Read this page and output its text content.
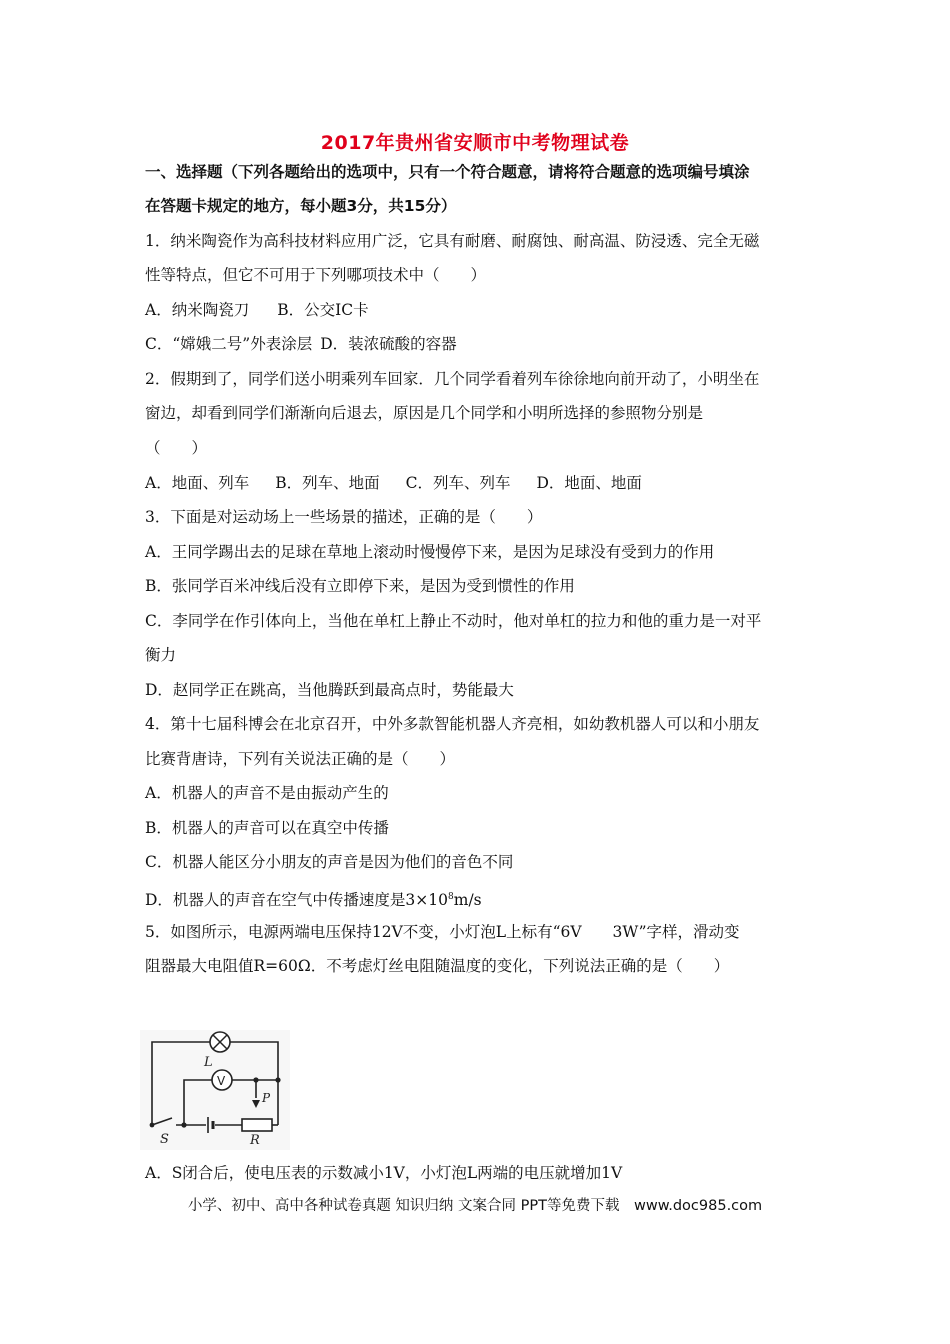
2017年贵州省安顺市中考物理试卷
一、选择题（下列各题给出的选项中，只有一个符合题意，请将符合题意的选项编号填涂
在答题卡规定的地方，每小题3分，共15分）
1．纳米陶瓷作为高科技材料应用广泛，它具有耐磨、耐腐蚀、耐高温、防浸透、完全无磁
性等特点，但它不可用于下列哪项技术中（　　）
A．纳米陶瓷刀 B．公交IC卡
C．“嫦娥二号”外表涂层 D．装浓硫酸的容器
2．假期到了，同学们送小明乘列车回家．几个同学看着列车徐徐地向前开动了，小明坐在
窗边，却看到同学们渐渐向后退去，原因是几个同学和小明所选择的参照物分别是
（　　）
A．地面、列车 B．列车、地面 C．列车、列车 D．地面、地面
3．下面是对运动场上一些场景的描述，正确的是（　　）
A．王同学踢出去的足球在草地上滚动时慢慢停下来，是因为足球没有受到力的作用
B．张同学百米冲线后没有立即停下来，是因为受到惯性的作用
C．李同学在作引体向上，当他在单杠上静止不动时，他对单杠的拉力和他的重力是一对平
衡力
D．赵同学正在跳高，当他腾跃到最高点时，势能最大
4．第十七届科博会在北京召开，中外多款智能机器人齐亮相，如幼教机器人可以和小朋友
比赛背唐诗，下列有关说法正确的是（　　）
A．机器人的声音不是由振动产生的
B．机器人的声音可以在真空中传播
C．机器人能区分小朋友的声音是因为他们的音色不同
D．机器人的声音在空气中传播速度是$3\times 10^8m/s$
5．如图所示，电源两端电压保持12V不变，小灯泡L上标有“6V　　3W”字样，滑动变
阻器最大电阻值R=60Ω．不考虑灯丝电阻随温度的变化，下列说法正确的是（　　）
L
V
P
S	R
A．S闭合后，使电压表的示数减小1V，小灯泡L两端的电压就增加1V
小学、初中、高中各种试卷真题 知识归纳 文案合同 PPT等免费下载　www.doc985.com
